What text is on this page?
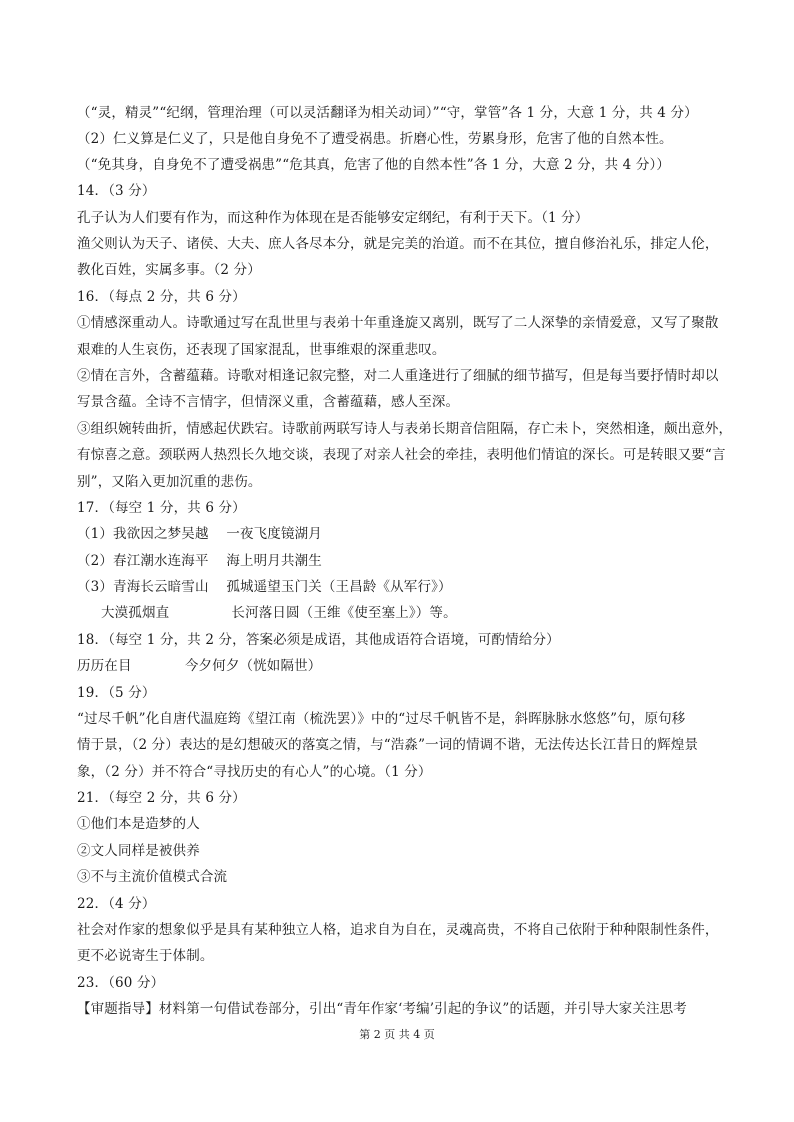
（“灵，精灵”“纪纲，管理治理（可以灵活翻译为相关动词）”“守，掌管”各 1 分，大意 1 分，共 4 分）
（2）仁义算是仁义了，只是他自身免不了遭受祸患。折磨心性，劳累身形，危害了他的自然本性。
（“免其身，自身免不了遭受祸患”“危其真，危害了他的自然本性”各 1 分，大意 2 分，共 4 分））
14．（3 分）
孔子认为人们要有作为，而这种作为体现在是否能够安定纲纪，有利于天下。（1 分）
渔父则认为天子、诸侯、大夫、庶人各尽本分，就是完美的治道。而不在其位，擅自修治礼乐，排定人伦，
教化百姓，实属多事。（2 分）
16．（每点 2 分，共 6 分）
①情感深重动人。诗歌通过写在乱世里与表弟十年重逢旋又离别，既写了二人深挚的亲情爱意，又写了聚散
艰难的人生哀伤，还表现了国家混乱，世事维艰的深重悲叹。
②情在言外，含蓄蕴藉。诗歌对相逢记叙完整，对二人重逢进行了细腻的细节描写，但是每当要抒情时却以
写景含蕴。全诗不言情字，但情深义重，含蓄蕴藉，感人至深。
③组织婉转曲折，情感起伏跌宕。诗歌前两联写诗人与表弟长期音信阻隔，存亡未卜，突然相逢，颇出意外，
有惊喜之意。颈联两人热烈长久地交谈，表现了对亲人社会的牵挂，表明他们情谊的深长。可是转眼又要“言
别”，又陷入更加沉重的悲伤。
17．（每空 1 分，共 6 分）
（1）我欲因之梦吴越    一夜飞度镜湖月
（2）春江潮水连海平    海上明月共潮生
（3）青海长云暗雪山    孤城遥望玉门关（王昌龄《从军行》）
大漠孤烟直              长河落日圆（王维《使至塞上》）等。
18．（每空 1 分，共 2 分，答案必须是成语，其他成语符合语境，可酌情给分）
历历在目            今夕何夕（恍如隔世）
19．（5 分）
“过尽千帆”化自唐代温庭筠《望江南（梳洗罢）》中的“过尽千帆皆不是，斜晖脉脉水悠悠”句，原句移
情于景，（2 分）表达的是幻想破灭的落寞之情，与“浩淼”一词的情调不谐，无法传达长江昔日的辉煌景
象，（2 分）并不符合“寻找历史的有心人”的心境。（1 分）
21．（每空 2 分，共 6 分）
①他们本是造梦的人
②文人同样是被供养
③不与主流价值模式合流
22．（4 分）
社会对作家的想象似乎是具有某种独立人格，追求自为自在，灵魂高贵，不将自己依附于种种限制性条件，
更不必说寄生于体制。
23．（60 分）
【审题指导】材料第一句借试卷部分，引出“青年作家‘考编’引起的争议”的话题，并引导大家关注思考
第 2 页 共 4 页
